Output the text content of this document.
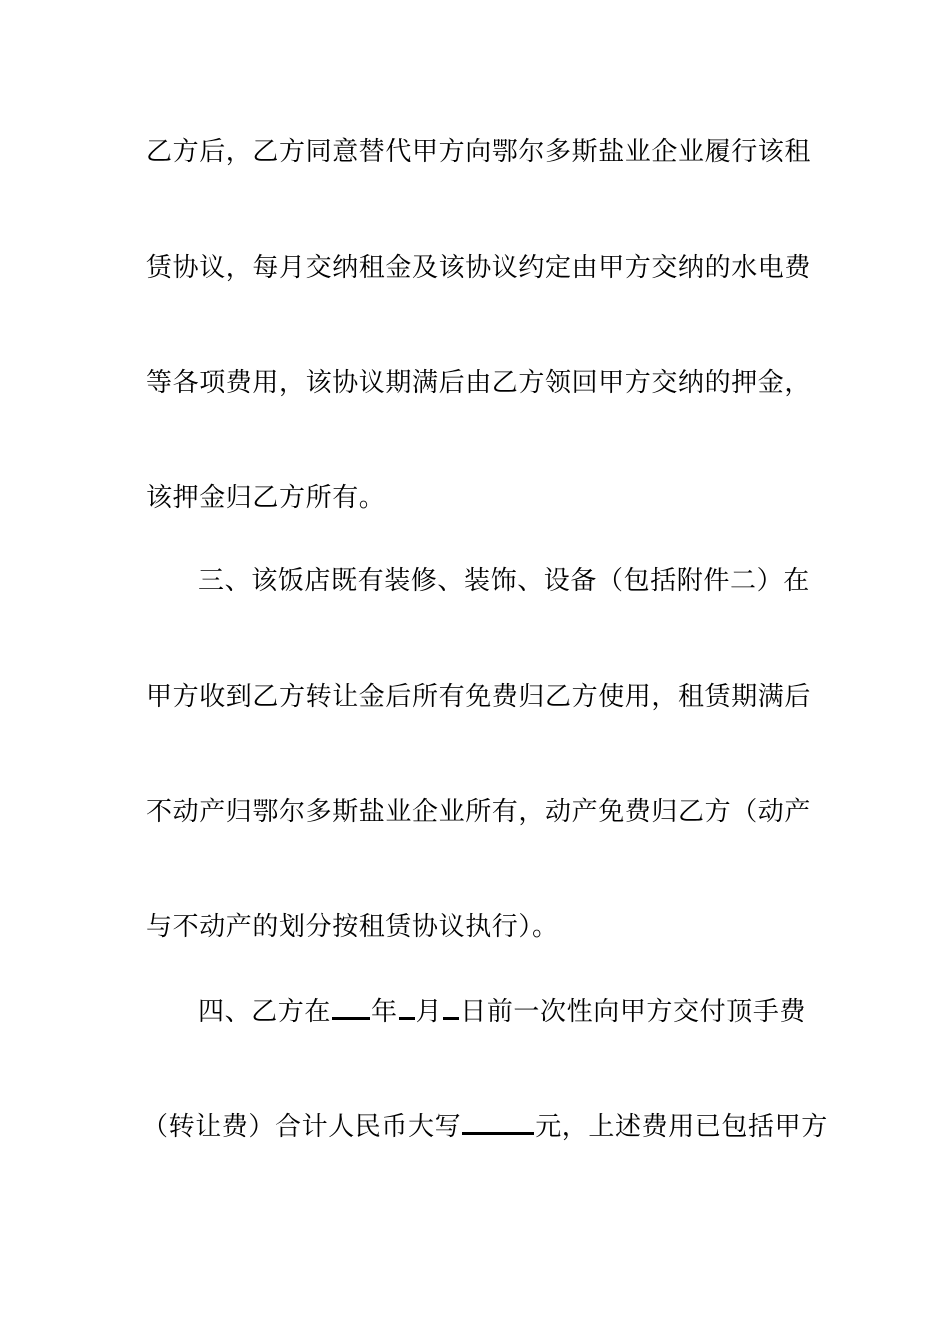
乙方后，乙方同意替代甲方向鄂尔多斯盐业企业履行该租
赁协议，每月交纳租金及该协议约定由甲方交纳的水电费
等各项费用，该协议期满后由乙方领回甲方交纳的押金，
该押金归乙方所有。
三、该饭店既有装修、装饰、设备（包括附件二）在
甲方收到乙方转让金后所有免费归乙方使用，租赁期满后
不动产归鄂尔多斯盐业企业所有，动产免费归乙方（动产
与不动产的划分按租赁协议执行）。
四、乙方在 年 月 日前一次性向甲方交付顶手费
（转让费）合计人民币大写	元，上述费用已包括甲方
